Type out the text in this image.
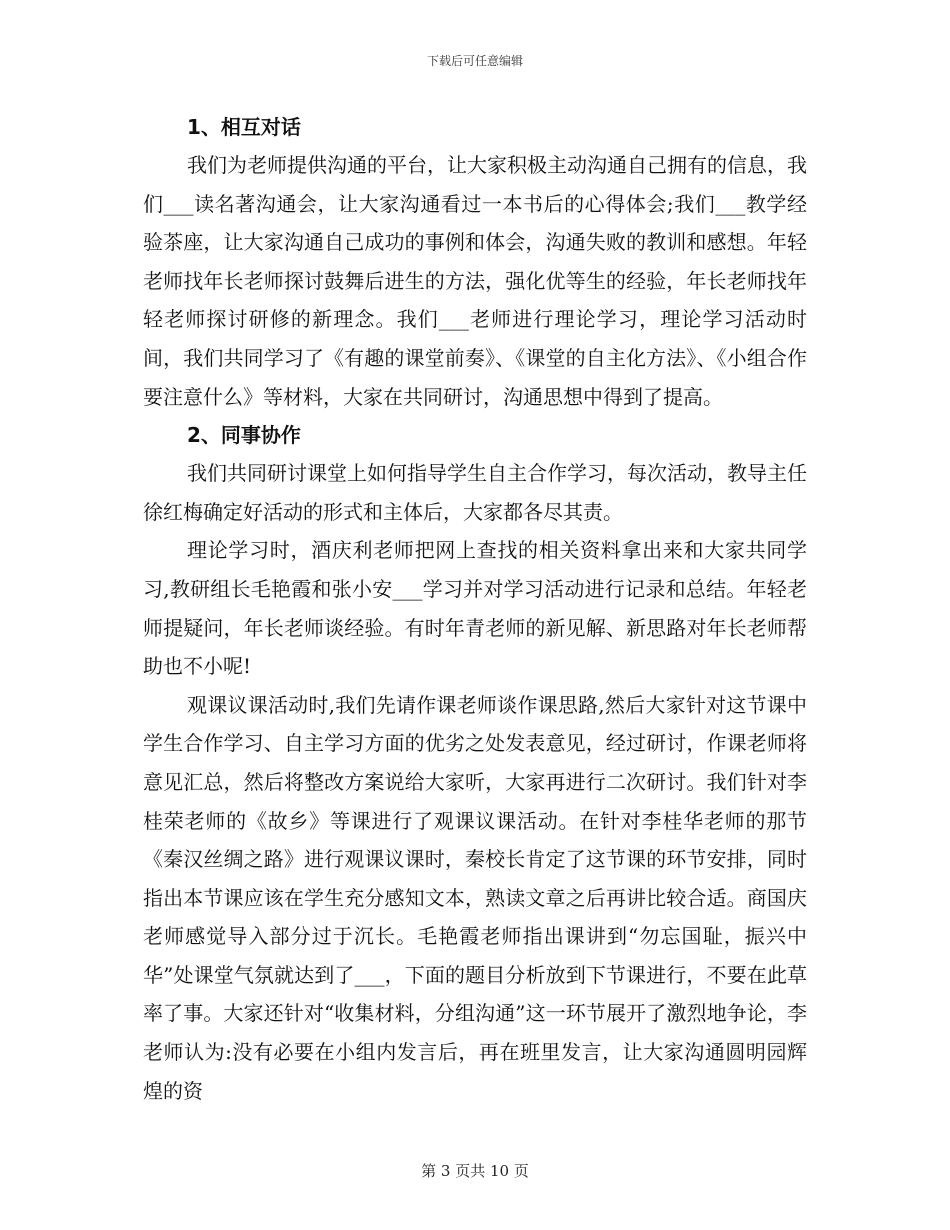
下载后可任意编辑
1、相互对话

我们为老师提供沟通的平台，让大家积极主动沟通自己拥有的信息，我们___读名著沟通会，让大家沟通看过一本书后的心得体会;我们___教学经验茶座，让大家沟通自己成功的事例和体会，沟通失败的教训和感想。年轻老师找年长老师探讨鼓舞后进生的方法，强化优等生的经验，年长老师找年轻老师探讨研修的新理念。我们___老师进行理论学习，理论学习活动时间，我们共同学习了《有趣的课堂前奏》、《课堂的自主化方法》、《小组合作要注意什么》等材料，大家在共同研讨，沟通思想中得到了提高。

2、同事协作

我们共同研讨课堂上如何指导学生自主合作学习，每次活动，教导主任徐红梅确定好活动的形式和主体后，大家都各尽其责。

理论学习时，酒庆利老师把网上查找的相关资料拿出来和大家共同学习,教研组长毛艳霞和张小安___学习并对学习活动进行记录和总结。年轻老师提疑问，年长老师谈经验。有时年青老师的新见解、新思路对年长老师帮助也不小呢!

观课议课活动时,我们先请作课老师谈作课思路,然后大家针对这节课中学生合作学习、自主学习方面的优劣之处发表意见，经过研讨，作课老师将意见汇总，然后将整改方案说给大家听，大家再进行二次研讨。我们针对李桂荣老师的《故乡》等课进行了观课议课活动。在针对李桂华老师的那节《秦汉丝绸之路》进行观课议课时，秦校长肯定了这节课的环节安排，同时指出本节课应该在学生充分感知文本，熟读文章之后再讲比较合适。商国庆老师感觉导入部分过于沉长。毛艳霞老师指出课讲到“勿忘国耻，振兴中华”处课堂气氛就达到了___，下面的题目分析放到下节课进行，不要在此草率了事。大家还针对“收集材料，分组沟通”这一环节展开了激烈地争论，李老师认为:没有必要在小组内发言后，再在班里发言，让大家沟通圆明园辉煌的资

第 3 页共 10 页
